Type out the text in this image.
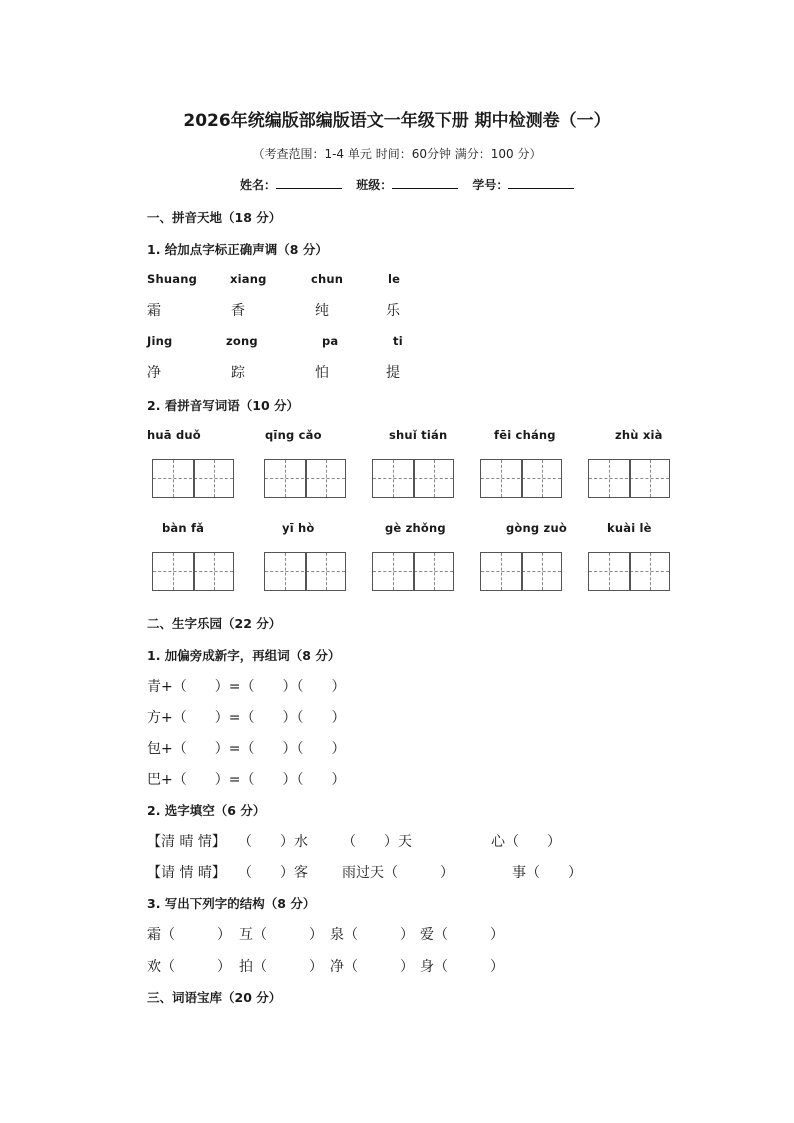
2026年统编版部编版语文一年级下册 期中检测卷（一）
（考查范围：1-4 单元 时间：60分钟 满分：100 分）
姓名：	班级：	学号：
一、拼音天地（18 分）
1. 给加点字标正确声调（8 分）
Shuang	xiang	chun	le
霜	香	纯	乐
Jing	zong	pa	ti
净	踪	怕	提
2. 看拼音写词语（10 分）
huā duǒ	qīng cǎo	shuǐ tián	fēi cháng	zhù xià
bàn fǎ	yī hò	gè zhǒng	gòng zuò	kuài lè
二、生字乐园（22 分）
1. 加偏旁成新字，再组词（8 分）
青+（　　）=（　　）（　　）
方+（　　）=（　　）（　　）
包+（　　）=（　　）（　　）
巴+（　　）=（　　）（　　）
2. 选字填空（6 分）
【清 晴 情】 （　　）水 （　　）天	心（　　）
【请 情 晴】 （　　）客 雨过天（　　　）	事（　　）
3. 写出下列字的结构（8 分）
霜（　　　） 互（　　　） 泉（　　　） 爱（　　　）
欢（　　　） 拍（　　　） 净（　　　） 身（　　　）
三、词语宝库（20 分）
